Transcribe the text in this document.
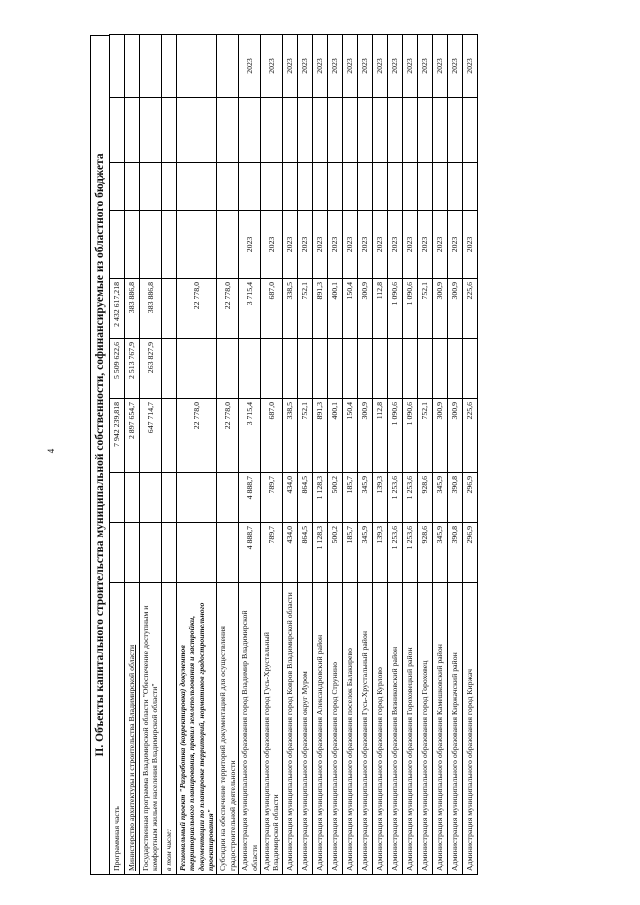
4	II. Объекты капитального строительства муниципальной собственности, софинансируемые из областного бюджета
Программная часть			7 942 239,818	5 509 622,6	2 432 617,218				
Министерство архитектуры и строительства Владимирской области			2 897 654,7	2 513 767,9	383 886,8				
Государственная программа Владимирской области "Обеспечение доступным и комфортным жильем населения Владимирской области"			647 714,7	263 827,9	383 886,8				
в том числе:									
Региональный проект "Разработка (корректировка) документов территориального планирования, правил землепользования и застройки, документации по планировке территорий, нормативов градостроительного проектирования"			22 778,0		22 778,0				
Субсидии на обеспечение территорий документацией для осуществления градостроительной деятельности			22 778,0		22 778,0				
Администрация муниципального образования город Владимир Владимирской области	4 888,7	4 888,7	3 715,4		3 715,4	2023			2023
Администрация муниципального образования город Гусь-Хрустальный Владимирской области	789,7	789,7	687,0		687,0	2023			2023
Администрация муниципального образования город Ковров Владимирской области	434,0	434,0	338,5		338,5	2023			2023
Администрация муниципального образования округ Муром	864,5	864,5	752,1		752,1	2023			2023
Администрация муниципального образования Александровский район	1 128,3	1 128,3	891,3		891,3	2023			2023
Администрация муниципального образования город Струнино	500,2	500,2	400,1		400,1	2023			2023
Администрация муниципального образования поселок Балакирево	185,7	185,7	150,4		150,4	2023			2023
Администрация муниципального образования Гусь-Хрустальный район	345,9	345,9	300,9		300,9	2023			2023
Администрация муниципального образования город Курлово	139,3	139,3	112,8		112,8	2023			2023
Администрация муниципального образования Вязниковский район	1 253,6	1 253,6	1 090,6		1 090,6	2023			2023
Администрация муниципального образования Гороховецкий район	1 253,6	1 253,6	1 090,6		1 090,6	2023			2023
Администрация муниципального образования город Гороховец	928,6	928,6	752,1		752,1	2023			2023
Администрация муниципального образования Камешковский район	345,9	345,9	300,9		300,9	2023			2023
Администрация муниципального образования Киржачский район	390,8	390,8	300,9		300,9	2023			2023
Администрация муниципального образования город Киржач	296,9	296,9	225,6		225,6	2023			2023
